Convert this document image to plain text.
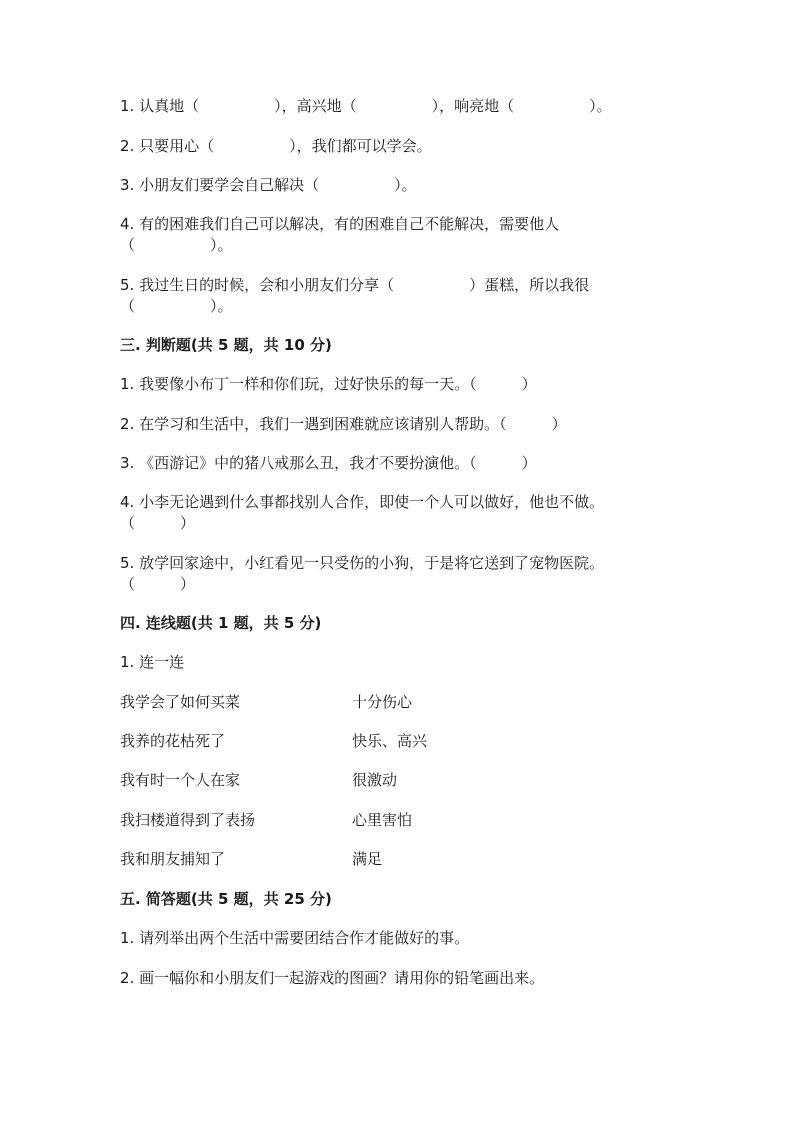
1. 认真地（　　　　　），高兴地（　　　　　），响亮地（　　　　　）。
2. 只要用心（　　　　　），我们都可以学会。
3. 小朋友们要学会自己解决（　　　　　）。
4. 有的困难我们自己可以解决，有的困难自己不能解决，需要他人
（　　　　　）。
5. 我过生日的时候，会和小朋友们分享（　　　　　）蛋糕，所以我很
（　　　　　）。
三. 判断题(共 5 题，共 10 分)
1. 我要像小布丁一样和你们玩，过好快乐的每一天。（　　　）
2. 在学习和生活中，我们一遇到困难就应该请别人帮助。（　　　）
3. 《西游记》中的猪八戒那么丑，我才不要扮演他。（　　　）
4. 小李无论遇到什么事都找别人合作，即使一个人可以做好，他也不做。
（　　　）
5. 放学回家途中，小红看见一只受伤的小狗，于是将它送到了宠物医院。
（　　　）
四. 连线题(共 1 题，共 5 分)
1. 连一连
我学会了如何买菜	十分伤心
我养的花枯死了	快乐、高兴
我有时一个人在家	很激动
我扫楼道得到了表扬	心里害怕
我和朋友捕知了	满足
五. 简答题(共 5 题，共 25 分)
1. 请列举出两个生活中需要团结合作才能做好的事。
2. 画一幅你和小朋友们一起游戏的图画？请用你的铅笔画出来。
